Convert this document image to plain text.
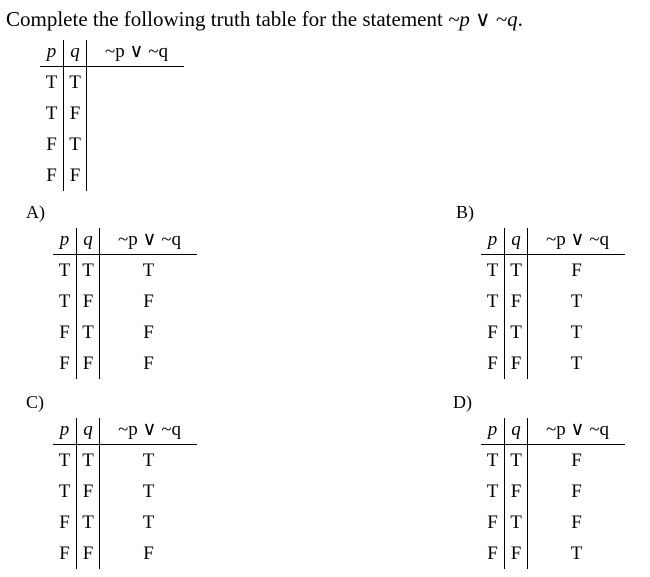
Complete the following truth table for the statement ~p ∨ ~q.
p	q	~p ∨ ~q
T	T	
T	F	
F	T	
F	F	
A)
p	q	~p ∨ ~q
T	T	T
T	F	F
F	T	F
F	F	F
B)
p	q	~p ∨ ~q
T	T	F
T	F	T
F	T	T
F	F	T
C)
p	q	~p ∨ ~q
T	T	T
T	F	T
F	T	T
F	F	F
D)
p	q	~p ∨ ~q
T	T	F
T	F	F
F	T	F
F	F	T
